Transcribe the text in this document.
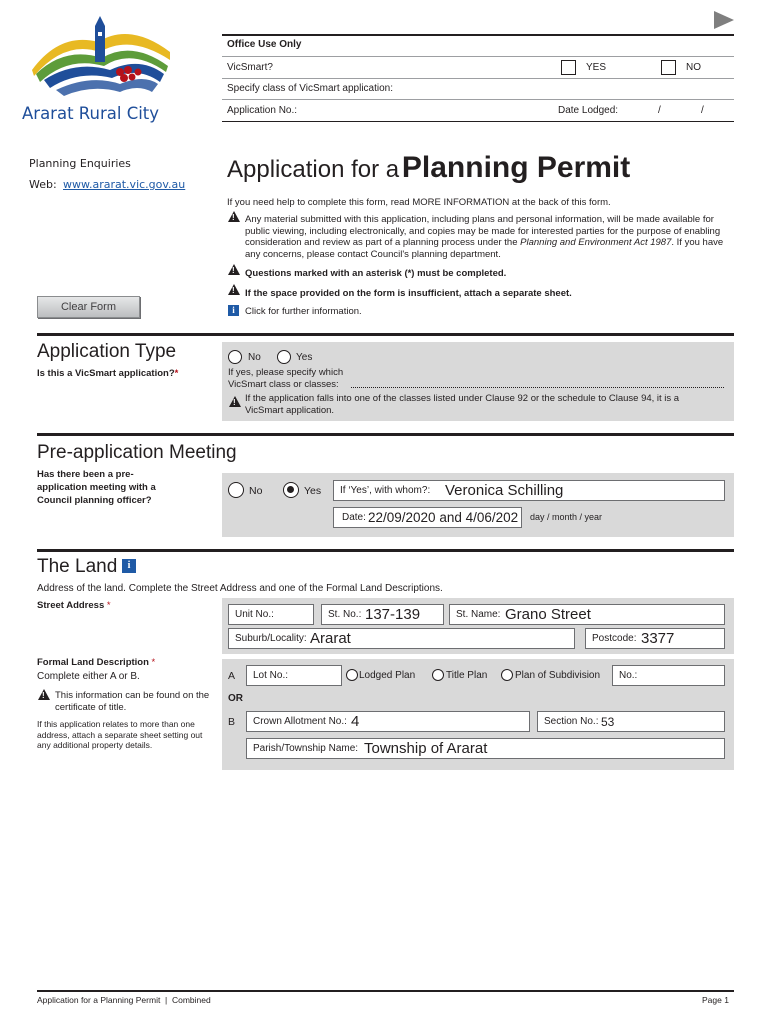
Ararat Rural City
Office Use Only
VicSmart?	YES	NO
Specify class of VicSmart application:
Application No.:	Date Lodged:	/	/
Planning Enquiries
Web: www.ararat.vic.gov.au
Clear Form
Application for a Planning Permit
If you need help to complete this form, read MORE INFORMATION at the back of this form.
!
Any material submitted with this application, including plans and personal information, will be made available for public viewing, including electronically, and copies may be made for interested parties for the purpose of enabling consideration and review as part of a planning process under the Planning and Environment Act 1987. If you have any concerns, please contact Council's planning department.
!
Questions marked with an asterisk (*) must be completed.
!
If the space provided on the form is insufficient, attach a separate sheet.
i	Click for further information.
Application Type
Is this a VicSmart application?*
No	Yes
If yes, please specify which
VicSmart class or classes:
!
If the application falls into one of the classes listed under Clause 92 or the schedule to Clause 94, it is a VicSmart application.
Pre-application Meeting
Has there been a pre-application meeting with a Council planning officer?
No	Yes If ‘Yes’, with whom?: Veronica Schilling
Date: 22/09/2020 and 4/06/202 day / month / year
The Land	i
Address of the land. Complete the Street Address and one of the Formal Land Descriptions.
Street Address *
Unit No.:	St. No.: 137-139	St. Name: Grano Street
Suburb/Locality: Ararat	Postcode: 3377
Formal Land Description *
Complete either A or B.
!
This information can be found on the certificate of title.
If this application relates to more than one address, attach a separate sheet setting out any additional property details.
A Lot No.:	Lodged Plan	Title Plan	Plan of Subdivision No.:
OR
B Crown Allotment No.: 4	Section No.: 53
Parish/Township Name: Township of Ararat
Application for a Planning Permit  |  Combined	Page 1
